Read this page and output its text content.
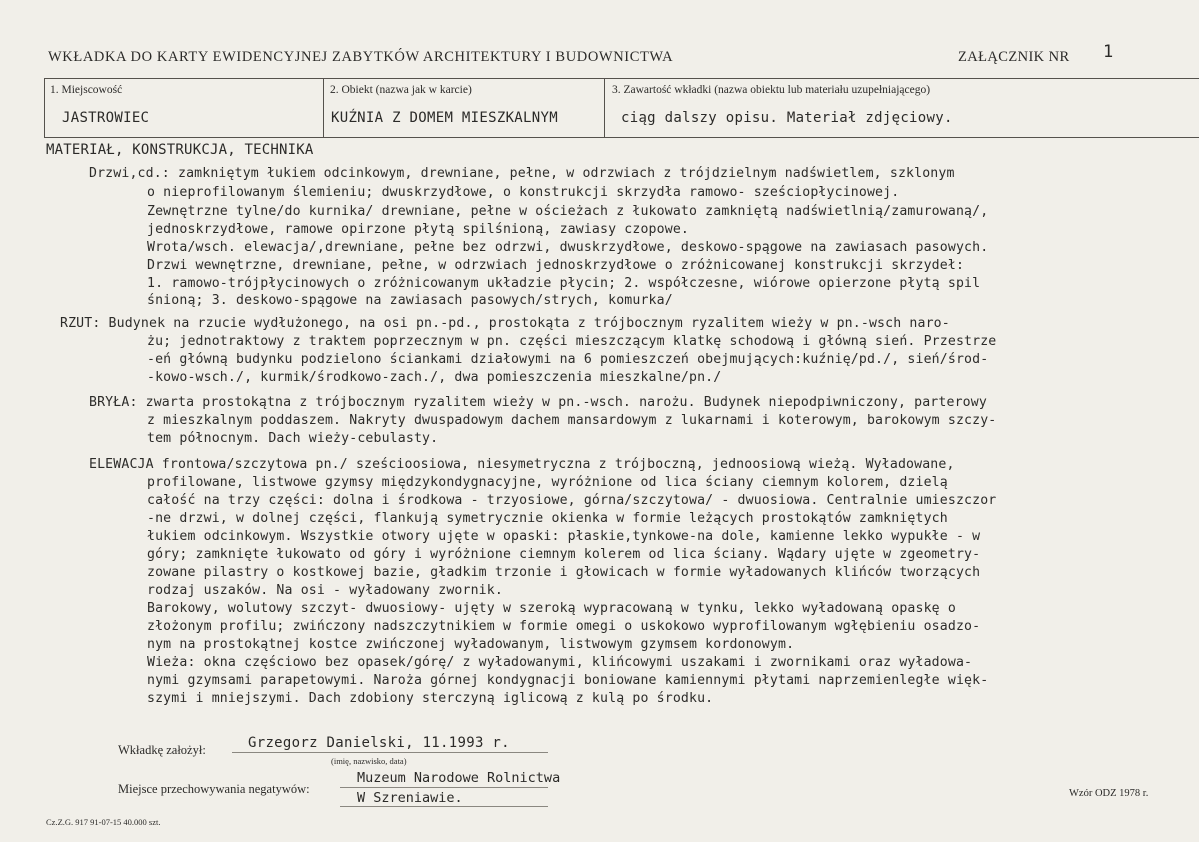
WKŁADKA DO KARTY EWIDENCYJNEJ ZABYTKÓW ARCHITEKTURY I BUDOWNICTWA	ZAŁĄCZNIK NR 1
1. Miejscowość
JASTROWIEC
2. Obiekt (nazwa jak w karcie)
KUŹNIA Z DOMEM MIESZKALNYM
3. Zawartość wkładki (nazwa obiektu lub materiału uzupełniającego)
ciąg dalszy opisu. Materiał zdjęciowy.
MATERIAŁ, KONSTRUKCJA, TECHNIKA
Drzwi,cd.: zamkniętym łukiem odcinkowym, drewniane, pełne, w odrzwiach z trójdzielnym nadświetlem, szklonym
o nieprofilowanym ślemieniu; dwuskrzydłowe, o konstrukcji skrzydła ramowo- sześciopłycinowej.
Zewnętrzne tylne/do kurnika/ drewniane, pełne w ościeżach z łukowato zamkniętą nadświetlnią/zamurowaną/,
jednoskrzydłowe, ramowe opirzone płytą spilśnioną, zawiasy czopowe.
Wrota/wsch. elewacja/,drewniane, pełne bez odrzwi, dwuskrzydłowe, deskowo-spągowe na zawiasach pasowych.
Drzwi wewnętrzne, drewniane, pełne, w odrzwiach jednoskrzydłowe o zróżnicowanej konstrukcji skrzydeł:
1. ramowo-trójpłycinowych o zróżnicowanym układzie płycin; 2. współczesne, wiórowe opierzone płytą spil
śnioną; 3. deskowo-spągowe na zawiasach pasowych/strych, komurka/
RZUT: Budynek na rzucie wydłużonego, na osi pn.-pd., prostokąta z trójbocznym ryzalitem wieży w pn.-wsch naro-
żu; jednotraktowy z traktem poprzecznym w pn. części mieszczącym klatkę schodową i główną sień. Przestrze
-eń główną budynku podzielono ściankami działowymi na 6 pomieszczeń obejmujących:kuźnię/pd./, sień/środ-
-kowo-wsch./, kurmik/środkowo-zach./, dwa pomieszczenia mieszkalne/pn./
BRYŁA: zwarta prostokątna z trójbocznym ryzalitem wieży w pn.-wsch. narożu. Budynek niepodpiwniczony, parterowy
z mieszkalnym poddaszem. Nakryty dwuspadowym dachem mansardowym z lukarnami i koterowym, barokowym szczy-
tem północnym. Dach wieży-cebulasty.
ELEWACJA frontowa/szczytowa pn./ sześcioosiowa, niesymetryczna z trójboczną, jednoosiową wieżą. Wyładowane,
profilowane, listwowe gzymsy międzykondygnacyjne, wyróżnione od lica ściany ciemnym kolorem, dzielą
całość na trzy części: dolna i środkowa - trzyosiowe, górna/szczytowa/ - dwuosiowa. Centralnie umieszczor
-ne drzwi, w dolnej części, flankują symetrycznie okienka w formie leżących prostokątów zamkniętych
łukiem odcinkowym. Wszystkie otwory ujęte w opaski: płaskie,tynkowe-na dole, kamienne lekko wypukłe - w
góry; zamknięte łukowato od góry i wyróżnione ciemnym kolerem od lica ściany. Wądary ujęte w zgeometry-
zowane pilastry o kostkowej bazie, gładkim trzonie i głowicach w formie wyładowanych klińców tworzących
rodzaj uszaków. Na osi - wyładowany zwornik.
Barokowy, wolutowy szczyt- dwuosiowy- ujęty w szeroką wypracowaną w tynku, lekko wyładowaną opaskę o
złożonym profilu; zwińczony nadszczytnikiem w formie omegi o uskokowo wyprofilowanym wgłębieniu osadzo-
nym na prostokątnej kostce zwińczonej wyładowanym, listwowym gzymsem kordonowym.
Wieża: okna częściowo bez opasek/górę/ z wyładowanymi, klińcowymi uszakami i zwornikami oraz wyładowa-
nymi gzymsami parapetowymi. Naroża górnej kondygnacji boniowane kamiennymi płytami naprzemienległe więk-
szymi i mniejszymi. Dach zdobiony sterczyną iglicową z kulą po środku.
Wkładkę założył:	Grzegorz Danielski, 11.1993 r.
(imię, nazwisko, data)
Miejsce przechowywania negatywów:
Muzeum Narodowe Rolnictwa
W Szreniawie.
Cz.Z.G. 917 91-07-15 40.000 szt.
Wzór ODZ 1978 r.
